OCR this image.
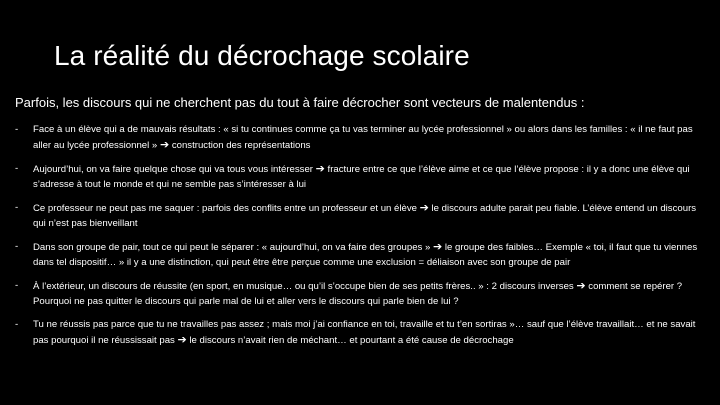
La réalité du décrochage scolaire

Parfois, les discours qui ne cherchent pas du tout à faire décrocher sont vecteurs de malentendus :

- Face à un élève qui a de mauvais résultats : « si tu continues comme ça tu vas terminer au lycée professionnel » ou alors dans les familles : « il ne faut pas aller au lycée professionnel » ➔ construction des représentations
- Aujourd’hui, on va faire quelque chose qui va tous vous intéresser ➔ fracture entre ce que l’élève aime et ce que l’élève propose : il y a donc une élève qui s’adresse à tout le monde et qui ne semble pas s’intéresser à lui
- Ce professeur ne peut pas me saquer : parfois des conflits entre un professeur et un élève ➔ le discours adulte parait peu fiable. L’élève entend un discours qui n’est pas bienveillant
- Dans son groupe de pair, tout ce qui peut le séparer : « aujourd’hui, on va faire des groupes » ➔ le groupe des faibles… Exemple « toi, il faut que tu viennes dans tel dispositif… » il y a une distinction, qui peut être être perçue comme une exclusion = déliaison avec son groupe de pair
- À l’extérieur, un discours de réussite (en sport, en musique… ou qu’il s’occupe bien de ses petits frères.. » : 2 discours inverses ➔ comment se repérer ? Pourquoi ne pas quitter le discours qui parle mal de lui et aller vers le discours qui parle bien de lui ?
- Tu ne réussis pas parce que tu ne travailles pas assez ; mais moi j’ai confiance en toi, travaille et tu t’en sortiras »… sauf que l’élève travaillait… et ne savait pas pourquoi il ne réussissait pas ➔ le discours n’avait rien de méchant… et pourtant a été cause de décrochage
